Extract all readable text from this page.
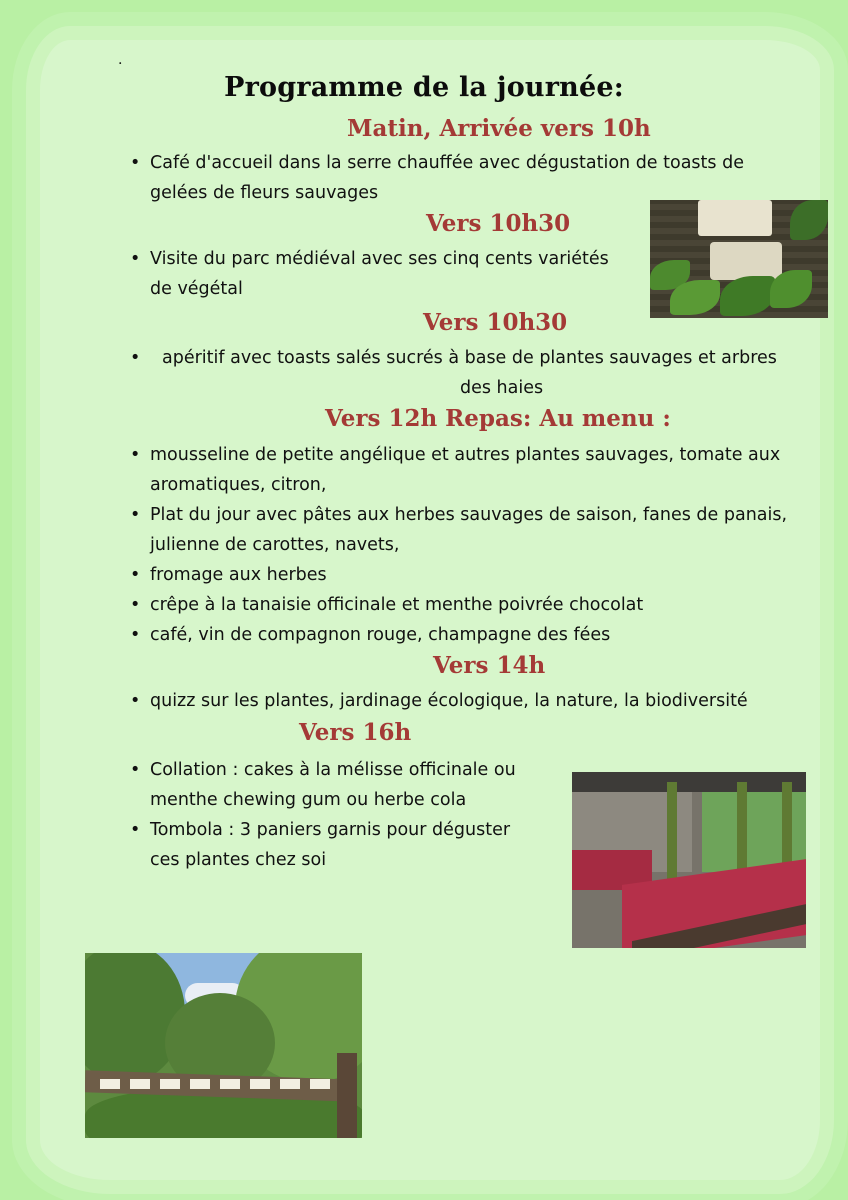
.
Programme de la journée:
Matin, Arrivée vers 10h
• Café d'accueil dans la serre chauffée avec dégustation de toasts de
gelées de fleurs sauvages
Vers 10h30
• Visite du parc médiéval avec ses cinq cents variétés
de végétal
Vers 10h30
• apéritif avec toasts salés sucrés à base de plantes sauvages et arbres
des haies
Vers 12h Repas: Au menu :
• mousseline de petite angélique et autres plantes sauvages, tomate aux
aromatiques, citron,
• Plat du jour avec pâtes aux herbes sauvages de saison, fanes de panais,
julienne de carottes, navets,
• fromage aux herbes
• crêpe à la tanaisie officinale et menthe poivrée chocolat
• café, vin de compagnon rouge, champagne des fées
Vers 14h
• quizz sur les plantes, jardinage écologique, la nature, la biodiversité
Vers 16h
• Collation : cakes à la mélisse officinale ou
menthe chewing gum ou herbe cola
• Tombola : 3 paniers garnis pour déguster
ces plantes chez soi
